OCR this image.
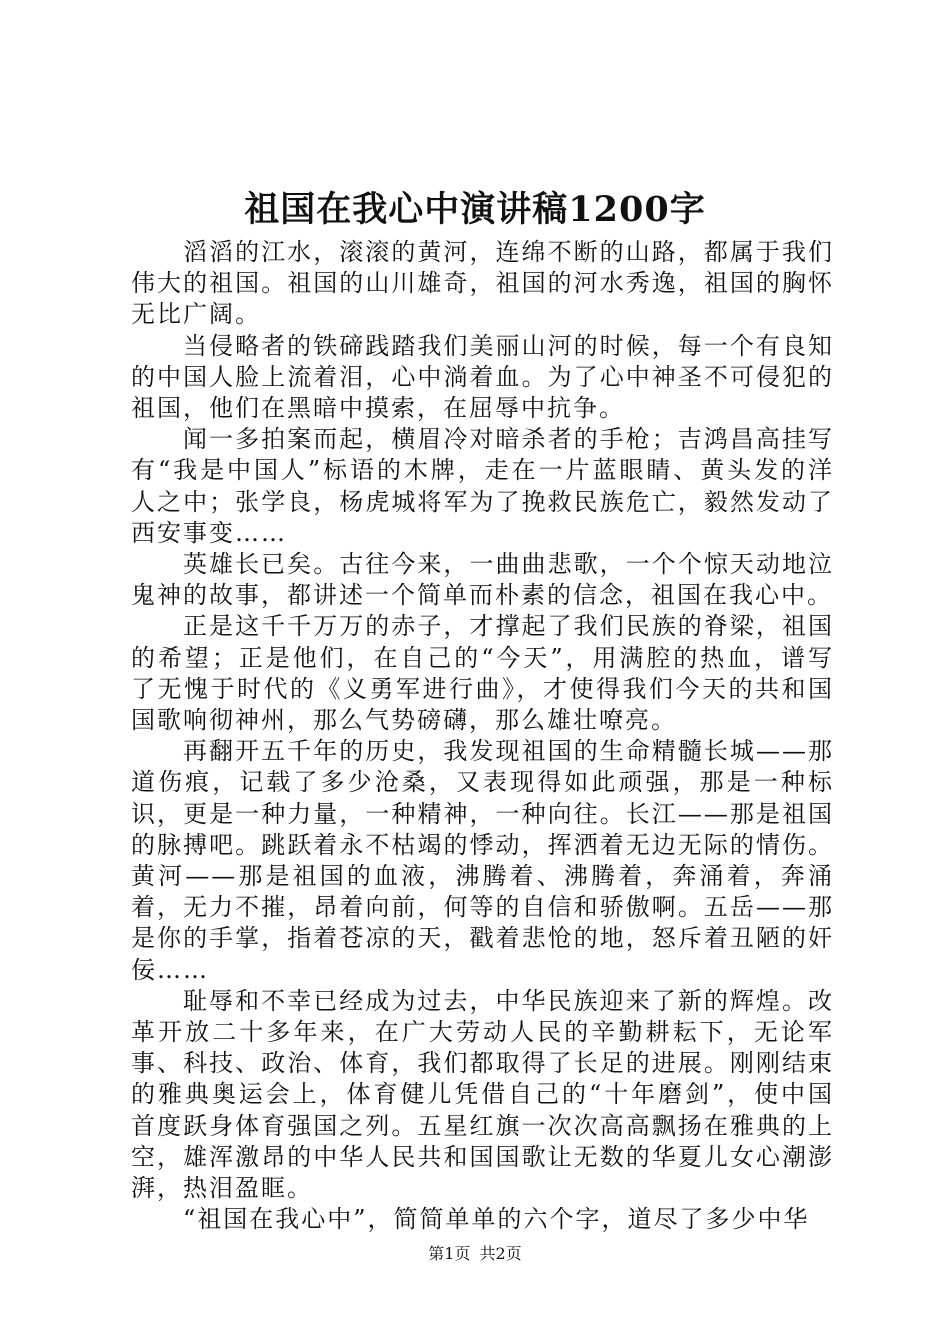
祖国在我心中演讲稿1200字

滔滔的江水，滚滚的黄河，连绵不断的山路，都属于我们伟大的祖国。祖国的山川雄奇，祖国的河水秀逸，祖国的胸怀无比广阔。

当侵略者的铁碲践踏我们美丽山河的时候，每一个有良知的中国人脸上流着泪，心中淌着血。为了心中神圣不可侵犯的祖国，他们在黑暗中摸索，在屈辱中抗争。

闻一多拍案而起，横眉冷对暗杀者的手枪；吉鸿昌高挂写有“我是中国人”标语的木牌，走在一片蓝眼睛、黄头发的洋人之中；张学良，杨虎城将军为了挽救民族危亡，毅然发动了西安事变……

英雄长已矣。古往今来，一曲曲悲歌，一个个惊天动地泣鬼神的故事，都讲述一个简单而朴素的信念，祖国在我心中。

正是这千千万万的赤子，才撑起了我们民族的脊梁，祖国的希望；正是他们，在自己的“今天”，用满腔的热血，谱写了无愧于时代的《义勇军进行曲》，才使得我们今天的共和国国歌响彻神州，那么气势磅礴，那么雄壮嘹亮。

再翻开五千年的历史，我发现祖国的生命精髓长城——那道伤痕，记载了多少沧桑，又表现得如此顽强，那是一种标识，更是一种力量，一种精神，一种向往。长江——那是祖国的脉搏吧。跳跃着永不枯竭的悸动，挥洒着无边无际的情伤。黄河——那是祖国的血液，沸腾着、沸腾着，奔涌着，奔涌着，无力不摧，昂着向前，何等的自信和骄傲啊。五岳——那是你的手掌，指着苍凉的天，戳着悲怆的地，怒斥着丑陋的奸佞……

耻辱和不幸已经成为过去，中华民族迎来了新的辉煌。改革开放二十多年来，在广大劳动人民的辛勤耕耘下，无论军事、科技、政治、体育，我们都取得了长足的进展。刚刚结束的雅典奥运会上，体育健儿凭借自己的“十年磨剑”，使中国首度跃身体育强国之列。五星红旗一次次高高飘扬在雅典的上空，雄浑激昂的中华人民共和国国歌让无数的华夏儿女心潮澎湃，热泪盈眶。

“祖国在我心中”，简简单单的六个字，道尽了多少中华

第1页 共2页
